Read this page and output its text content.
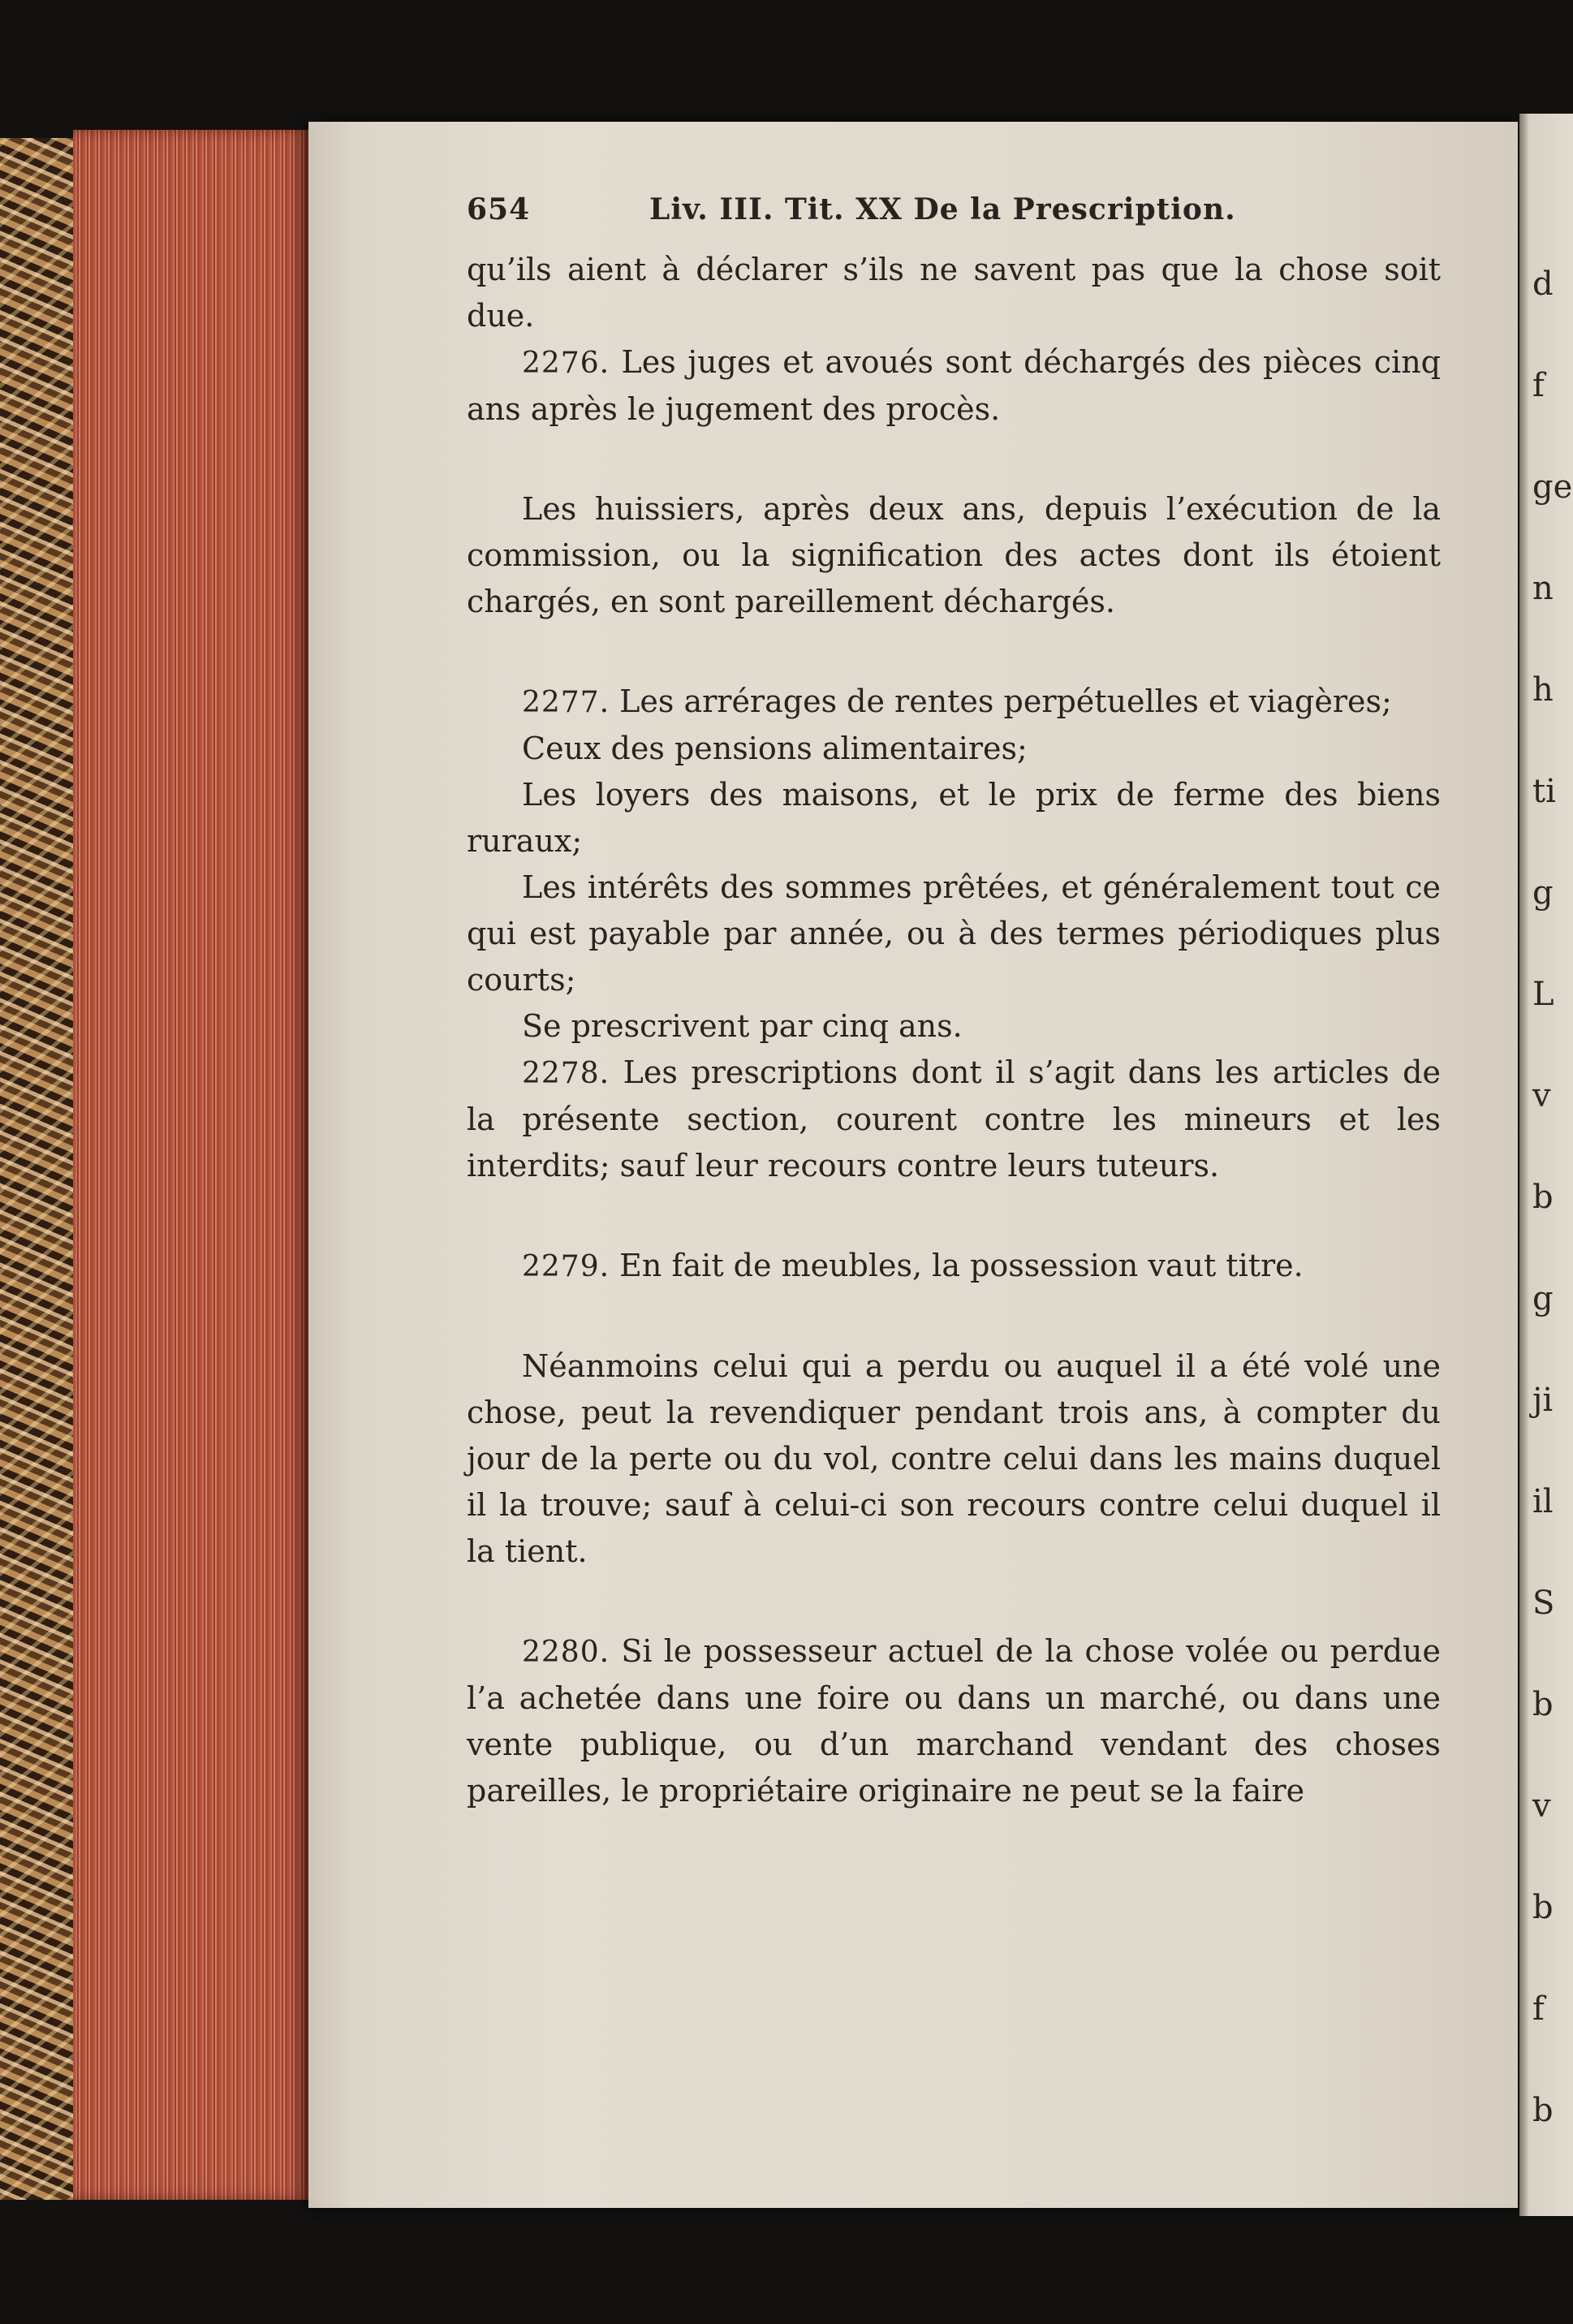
654	Liv. III. Tit. XX De la Prescription.

qu’ils aient à déclarer s’ils ne savent pas que la chose soit due.

2276. Les juges et avoués sont déchargés des pièces cinq ans après le jugement des procès.

Les huissiers, après deux ans, depuis l’exécution de la commission, ou la signification des actes dont ils étoient chargés, en sont pareillement déchargés.

2277. Les arrérages de rentes perpétuelles et viagères;

Ceux des pensions alimentaires;

Les loyers des maisons, et le prix de ferme des biens ruraux;

Les intérêts des sommes prêtées, et généralement tout ce qui est payable par année, ou à des termes périodiques plus courts;

Se prescrivent par cinq ans.

2278. Les prescriptions dont il s’agit dans les articles de la présente section, courent contre les mineurs et les interdits; sauf leur recours contre leurs tuteurs.

2279. En fait de meubles, la possession vaut titre.

Néanmoins celui qui a perdu ou auquel il a été volé une chose, peut la revendiquer pendant trois ans, à compter du jour de la perte ou du vol, contre celui dans les mains duquel il la trouve; sauf à celui-ci son recours contre celui duquel il la tient.

2280. Si le possesseur actuel de la chose volée ou perdue l’a achetée dans une foire ou dans un marché, ou dans une vente publique, ou d’un marchand vendant des choses pareilles, le propriétaire originaire ne peut se la faire

d
f
ge
n
h
ti
g
L
v
b
g
ji
il
S
b
v
b
f
b
